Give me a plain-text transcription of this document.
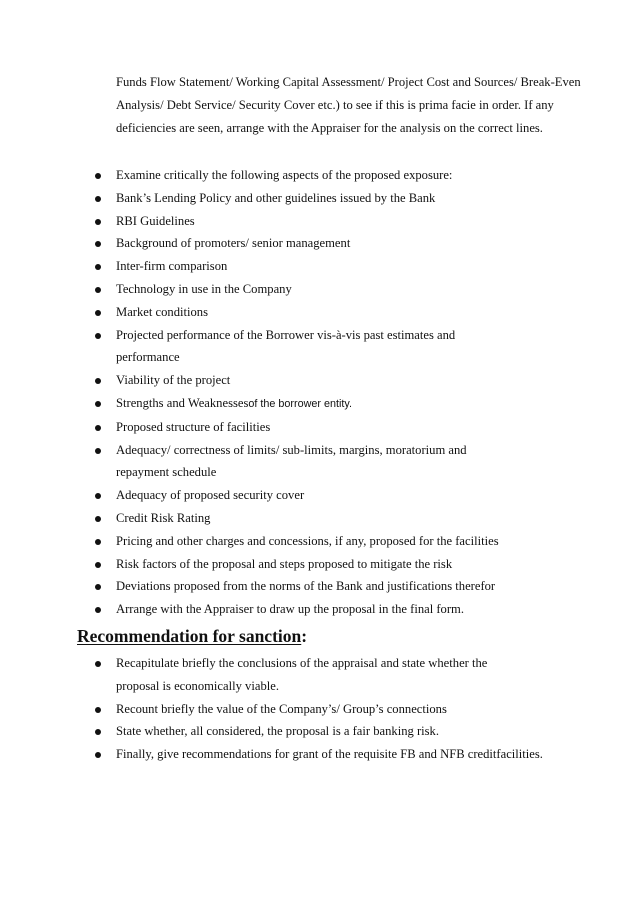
Funds Flow Statement/ Working Capital Assessment/ Project Cost and Sources/ Break-Even Analysis/ Debt Service/ Security Cover etc.) to see if this is prima facie in order. If any deficiencies are seen, arrange with the Appraiser for the analysis on the correct lines.

Examine critically the following aspects of the proposed exposure:
Bank’s Lending Policy and other guidelines issued by the Bank
RBI Guidelines
Background of promoters/ senior management
Inter-firm comparison
Technology in use in the Company
Market conditions
Projected performance of the Borrower vis-à-vis past estimates and performance
Viability of the project
Strengths and Weaknessesof the borrower entity.
Proposed structure of facilities
Adequacy/ correctness of limits/ sub-limits, margins, moratorium and repayment schedule
Adequacy of proposed security cover
Credit Risk Rating
Pricing and other charges and concessions, if any, proposed for the facilities
Risk factors of the proposal and steps proposed to mitigate the risk
Deviations proposed from the norms of the Bank and justifications therefor
Arrange with the Appraiser to draw up the proposal in the final form.
Recommendation for sanction:
Recapitulate briefly the conclusions of the appraisal and state whether the proposal is economically viable.
Recount briefly the value of the Company’s/ Group’s connections
State whether, all considered, the proposal is a fair banking risk.
Finally, give recommendations for grant of the requisite FB and NFB creditfacilities.
